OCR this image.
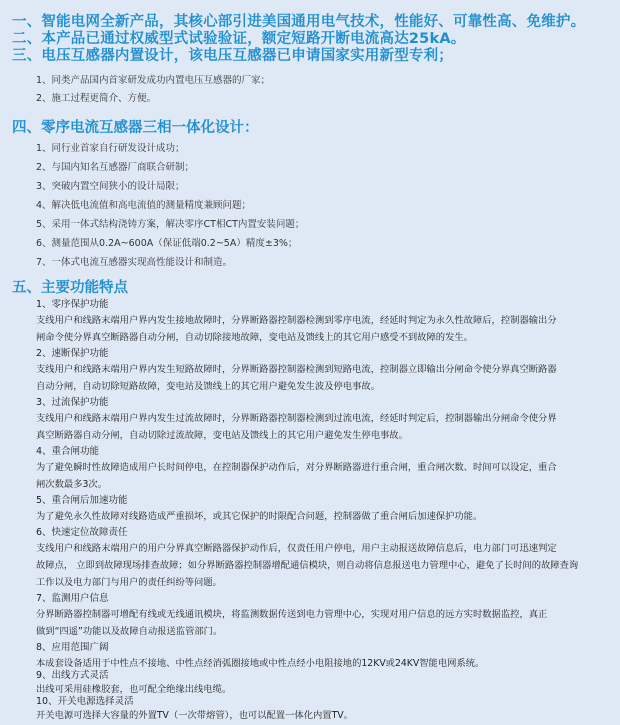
一、智能电网全新产品，其核心部引进美国通用电气技术，性能好、可靠性高、免维护。
二、本产品已通过权威型式试验验证，额定短路开断电流高达25kA。
三、电压互感器内置设计，该电压互感器已申请国家实用新型专利；
1、同类产品国内首家研发成功内置电压互感器的厂家；
2、施工过程更简介、方便。
四、零序电流互感器三相一体化设计：
1、同行业首家自行研发设计成功；
2、与国内知名互感器厂商联合研制；
3、突破内置空间狭小的设计局限；
4、解决低电流值和高电流值的测量精度兼顾问题；
5、采用一体式结构浇铸方案，解决零序CT相CT内置安装问题；
6、测量范围从0.2A~600A（保证低端0.2~5A）精度±3%；
7、一体式电流互感器实现高性能设计和制造。
五、主要功能特点
1、零序保护功能
支线用户和线路末端用户界内发生接地故障时，分界断路器控制器检测到零序电流，经延时判定为永久性故障后，控制器输出分
闸命令使分界真空断路器自动分闸，自动切除接地故障，变电站及馈线上的其它用户感受不到故障的发生。
2、速断保护功能
支线用户和线路末端用户界内发生短路故障时，分界断路器控制器检测到短路电流，控制器立即输出分闸命令使分界真空断路器
自动分闸，自动切除短路故障，变电站及馈线上的其它用户避免发生波及停电事故。
3、过流保护功能
支线用户和线路末端用户界内发生过流故障时，分界断路器控制器检测到过流电流，经延时判定后，控制器输出分闸命令使分界
真空断路器自动分闸，自动切除过流故障，变电站及馈线上的其它用户避免发生停电事故。
4、重合闸功能
为了避免瞬时性故障造成用户长时间停电，在控制器保护动作后，对分界断路器进行重合闸，重合闸次数、时间可以设定，重合
闸次数最多3次。
5、重合闸后加速功能
为了避免永久性故障对线路造成严重损坏，或其它保护的时限配合问题，控制器做了重合闸后加速保护功能。
6、快速定位故障责任
支线用户和线路末端用户的用户分界真空断路器保护动作后，仅责任用户停电，用户主动报送故障信息后，电力部门可迅速判定
故障点， 立即到故障现场排查故障；如分界断路器控制器增配通信模块，则自动将信息报送电力管理中心，避免了长时间的故障查询
工作以及电力部门与用户的责任纠纷等问题。
7、监测用户信息
分界断路器控制器可增配有线或无线通讯模块，将监测数据传送到电力管理中心，实现对用户信息的远方实时数据监控，真正
做到“四遥”功能以及故障自动报送监管部门。
8、应用范围广阔
本成套设备适用于中性点不接地、中性点经消弧圈接地或中性点经小电阻接地的12KV或24KV智能电网系统。
9、出线方式灵活
出线可采用硅橡胶套，也可配全绝缘出线电缆。
10、开关电源选择灵活
开关电源可选择大容量的外置TV（一次带熔管），也可以配置一体化内置TV。
